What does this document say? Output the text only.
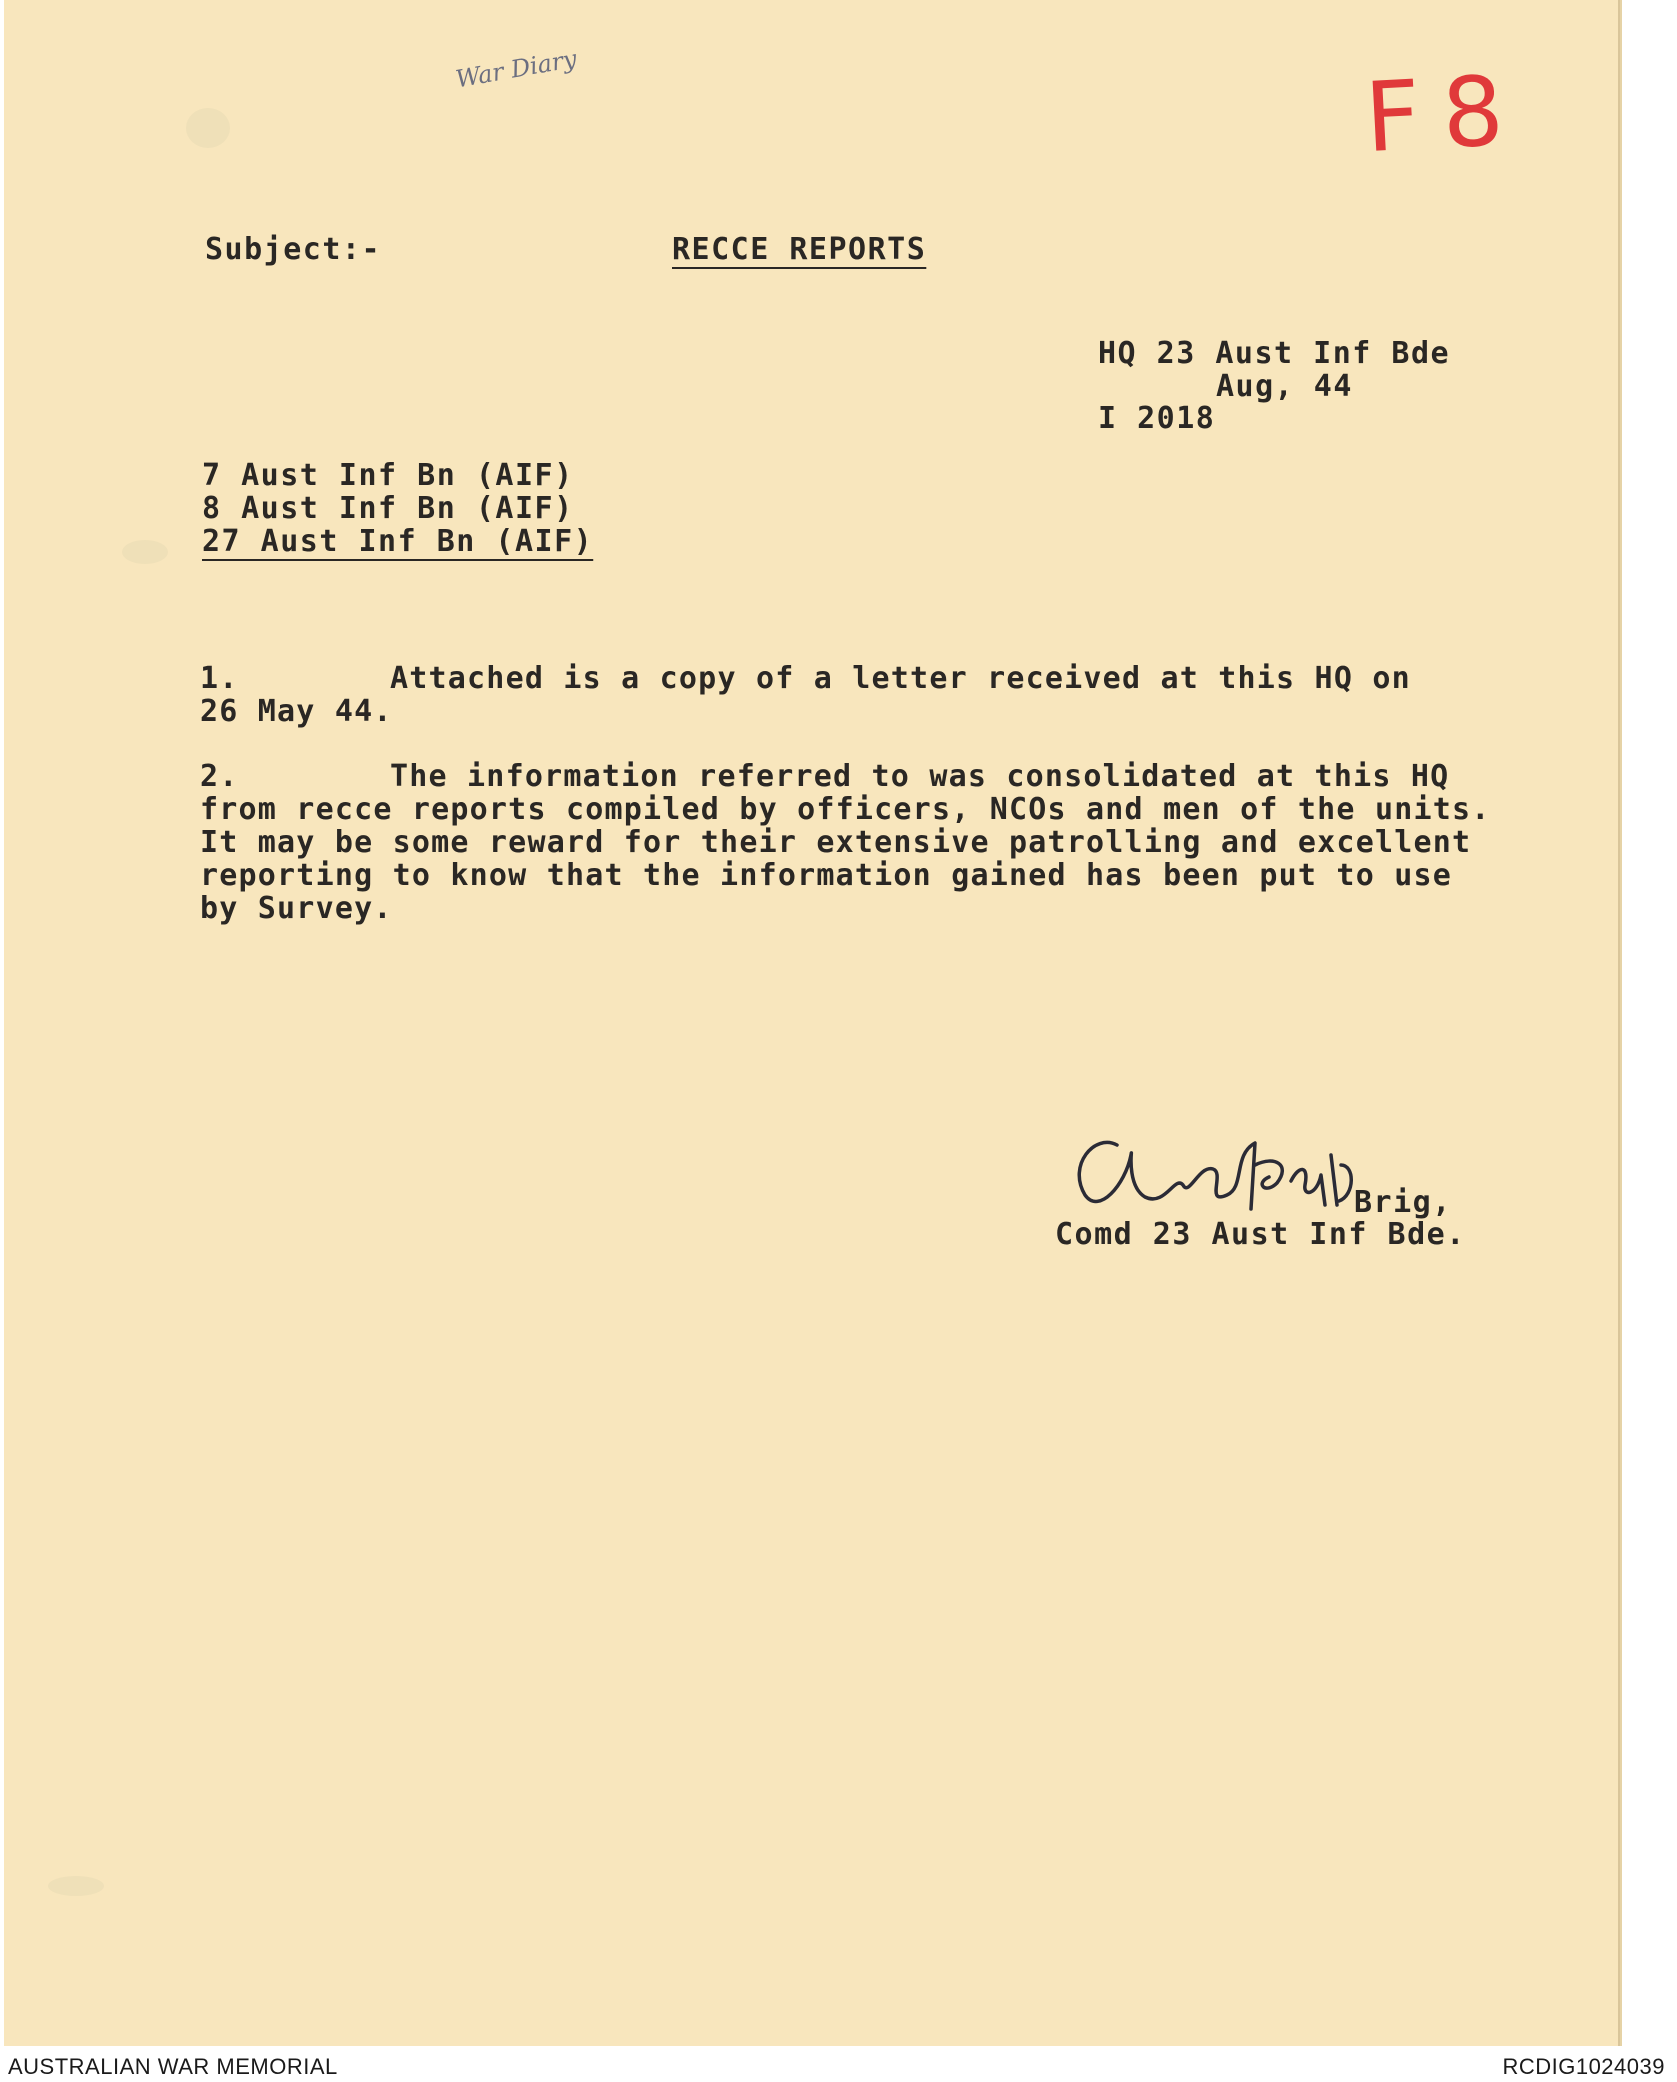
War Diary	F8
Subject:-	RECCE REPORTS
HQ 23 Aust Inf Bde
Aug, 44
I 2018
7 Aust Inf Bn (AIF)
8 Aust Inf Bn (AIF)
27 Aust Inf Bn (AIF)

1.	Attached is a copy of a letter received at this HQ on

26 May 44.

2.	The information referred to was consolidated at this HQ

from recce reports compiled by officers, NCOs and men of the units.
It may be some reward for their extensive patrolling and excellent
reporting to know that the information gained has been put to use
by Survey.

Brig,
Comd 23 Aust Inf Bde.
AUSTRALIAN WAR MEMORIAL	RCDIG1024039
